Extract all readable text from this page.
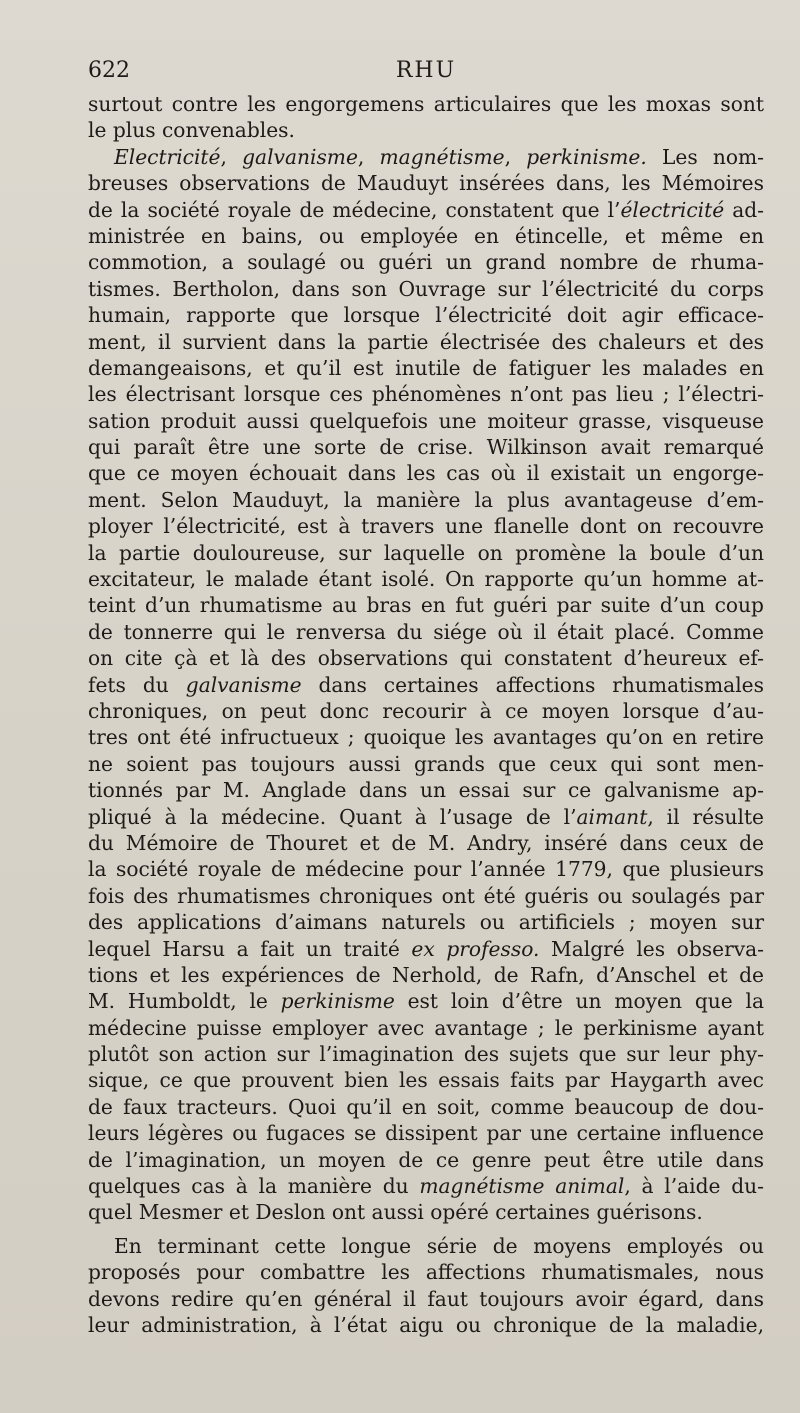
622	RHU
surtout contre les engorgemens articulaires que les moxas sont
le plus convenables.
Electricité, galvanisme, magnétisme, perkinisme. Les nom-
breuses observations de Mauduyt insérées dans, les Mémoires
de la société royale de médecine, constatent que l’électricité ad-
ministrée en bains, ou employée en étincelle, et même en
commotion, a soulagé ou guéri un grand nombre de rhuma-
tismes. Bertholon, dans son Ouvrage sur l’électricité du corps
humain, rapporte que lorsque l’électricité doit agir efficace-
ment, il survient dans la partie électrisée des chaleurs et des
demangeaisons, et qu’il est inutile de fatiguer les malades en
les électrisant lorsque ces phénomènes n’ont pas lieu ; l’électri-
sation produit aussi quelquefois une moiteur grasse, visqueuse
qui paraît être une sorte de crise. Wilkinson avait remarqué
que ce moyen échouait dans les cas où il existait un engorge-
ment. Selon Mauduyt, la manière la plus avantageuse d’em-
ployer l’électricité, est à travers une flanelle dont on recouvre
la partie douloureuse, sur laquelle on promène la boule d’un
excitateur, le malade étant isolé. On rapporte qu’un homme at-
teint d’un rhumatisme au bras en fut guéri par suite d’un coup
de tonnerre qui le renversa du siége où il était placé. Comme
on cite çà et là des observations qui constatent d’heureux ef-
fets du galvanisme dans certaines affections rhumatismales
chroniques, on peut donc recourir à ce moyen lorsque d’au-
tres ont été infructueux ; quoique les avantages qu’on en retire
ne soient pas toujours aussi grands que ceux qui sont men-
tionnés par M. Anglade dans un essai sur ce galvanisme ap-
pliqué à la médecine. Quant à l’usage de l’aimant, il résulte
du Mémoire de Thouret et de M. Andry, inséré dans ceux de
la société royale de médecine pour l’année 1779, que plusieurs
fois des rhumatismes chroniques ont été guéris ou soulagés par
des applications d’aimans naturels ou artificiels ; moyen sur
lequel Harsu a fait un traité ex professo. Malgré les observa-
tions et les expériences de Nerhold, de Rafn, d’Anschel et de
M. Humboldt, le perkinisme est loin d’être un moyen que la
médecine puisse employer avec avantage ; le perkinisme ayant
plutôt son action sur l’imagination des sujets que sur leur phy-
sique, ce que prouvent bien les essais faits par Haygarth avec
de faux tracteurs. Quoi qu’il en soit, comme beaucoup de dou-
leurs légères ou fugaces se dissipent par une certaine influence
de l’imagination, un moyen de ce genre peut être utile dans
quelques cas à la manière du magnétisme animal, à l’aide du-
quel Mesmer et Deslon ont aussi opéré certaines guérisons.
En terminant cette longue série de moyens employés ou
proposés pour combattre les affections rhumatismales, nous
devons redire qu’en général il faut toujours avoir égard, dans
leur administration, à l’état aigu ou chronique de la maladie,
